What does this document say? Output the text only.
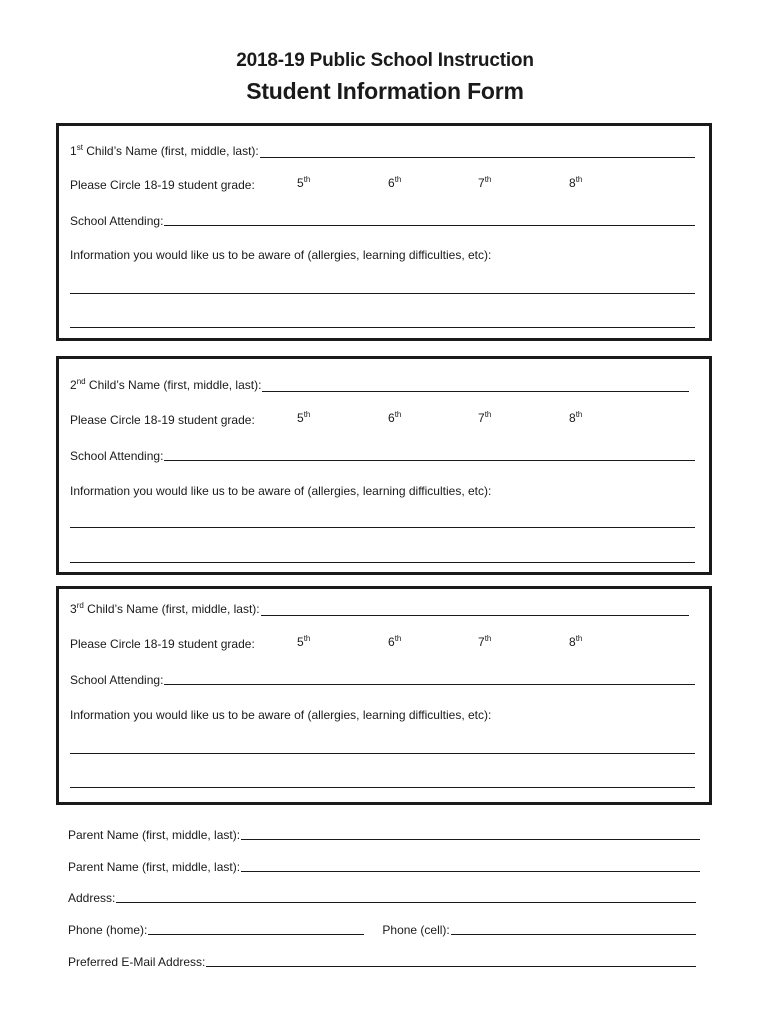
2018-19 Public School Instruction
Student Information Form
1st Child’s Name (first, middle, last):
Please Circle 18-19 student grade:	5th	6th	7th	8th
School Attending:
Information you would like us to be aware of (allergies, learning difficulties, etc):
2nd Child’s Name (first, middle, last):
Please Circle 18-19 student grade:	5th	6th	7th	8th
School Attending:
Information you would like us to be aware of (allergies, learning difficulties, etc):
3rd Child’s Name (first, middle, last):
Please Circle 18-19 student grade:	5th	6th	7th	8th
School Attending:
Information you would like us to be aware of (allergies, learning difficulties, etc):
Parent Name (first, middle, last):
Parent Name (first, middle, last):
Address:
Phone (home):	Phone (cell):
Preferred E-Mail Address:
